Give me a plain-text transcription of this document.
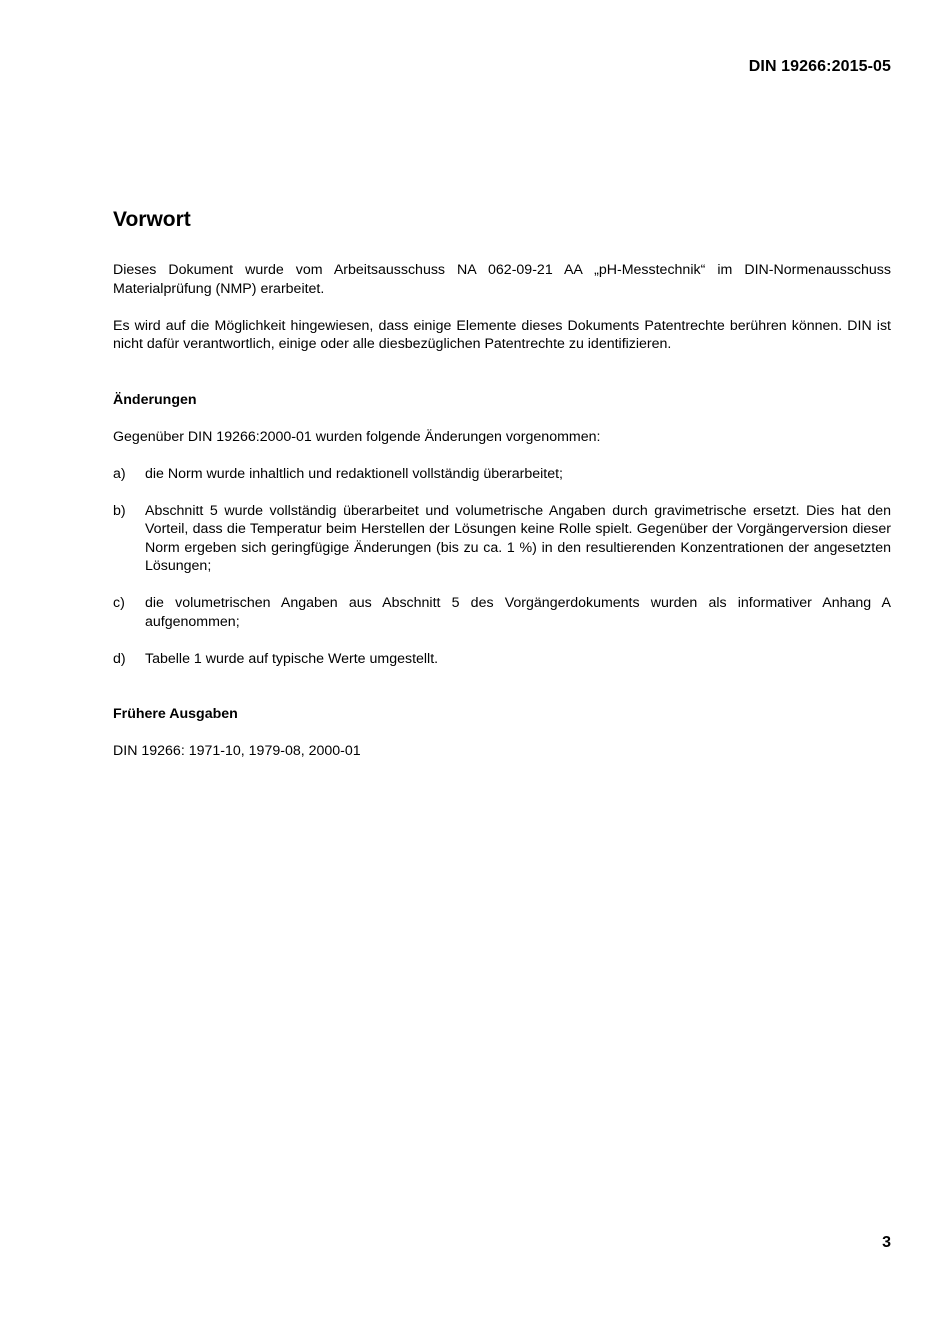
DIN 19266:2015-05
Vorwort

Dieses Dokument wurde vom Arbeitsausschuss NA 062-09-21 AA „pH-Messtechnik“ im DIN-Normenausschuss Materialprüfung (NMP) erarbeitet.

Es wird auf die Möglichkeit hingewiesen, dass einige Elemente dieses Dokuments Patentrechte berühren können. DIN ist nicht dafür verantwortlich, einige oder alle diesbezüglichen Patentrechte zu identifizieren.

Änderungen

Gegenüber DIN 19266:2000-01 wurden folgende Änderungen vorgenommen:

a)	die Norm wurde inhaltlich und redaktionell vollständig überarbeitet;
b)	Abschnitt 5 wurde vollständig überarbeitet und volumetrische Angaben durch gravimetrische ersetzt. Dies hat den Vorteil, dass die Temperatur beim Herstellen der Lösungen keine Rolle spielt. Gegenüber der Vorgängerversion dieser Norm ergeben sich geringfügige Änderungen (bis zu ca. 1 %) in den resultierenden Konzentrationen der angesetzten Lösungen;
c)	die volumetrischen Angaben aus Abschnitt 5 des Vorgängerdokuments wurden als informativer Anhang A aufgenommen;
d)	Tabelle 1 wurde auf typische Werte umgestellt.
Frühere Ausgaben

DIN 19266: 1971-10, 1979-08, 2000-01

3
